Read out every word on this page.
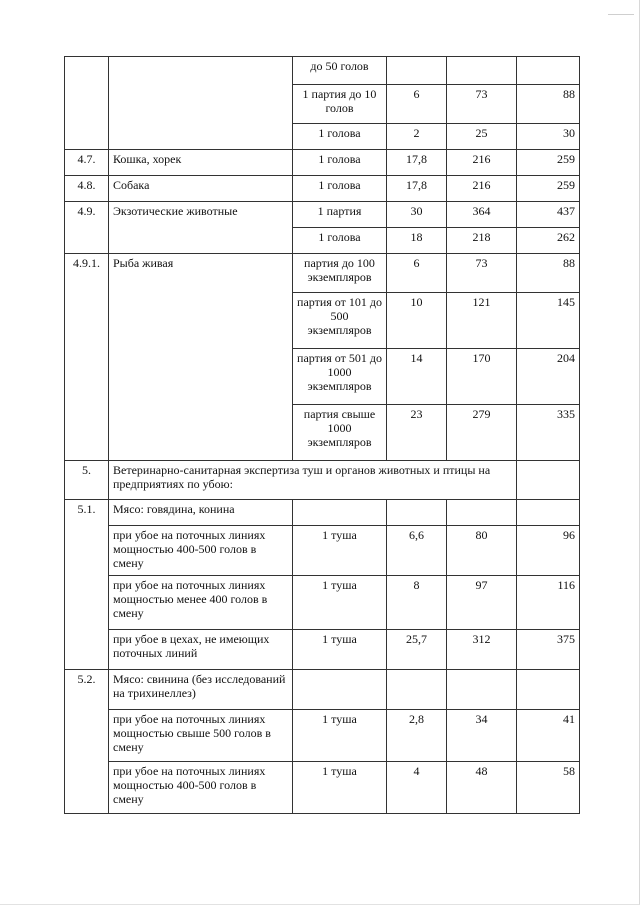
		до 50 голов			
		1 партия до 10 голов	6	73	88
		1 голова	2	25	30
4.7.	Кошка, хорек	1 голова	17,8	216	259
4.8.	Собака	1 голова	17,8	216	259
4.9.	Экзотические животные	1 партия	30	364	437
		1 голова	18	218	262
4.9.1.	Рыба живая	партия до 100 экземпляров	6	73	88
		партия от 101 до 500 экземпляров	10	121	145
		партия от 501 до 1000 экземпляров	14	170	204
		партия свыше 1000 экземпляров	23	279	335
5.	Ветеринарно-санитарная экспертиза туш и органов животных и птицы на предприятиях по убою:				
5.1.	Мясо: говядина, конина				
	при убое на поточных линиях мощностью 400-500 голов в смену	1 туша	6,6	80	96
	при убое на поточных линиях мощностью менее 400 голов в смену	1 туша	8	97	116
	при убое в цехах, не имеющих поточных линий	1 туша	25,7	312	375
5.2.	Мясо: свинина (без исследований на трихинеллез)				
	при убое на поточных линиях мощностью свыше 500 голов в смену	1 туша	2,8	34	41
	при убое на поточных линиях мощностью 400-500 голов в смену	1 туша	4	48	58
